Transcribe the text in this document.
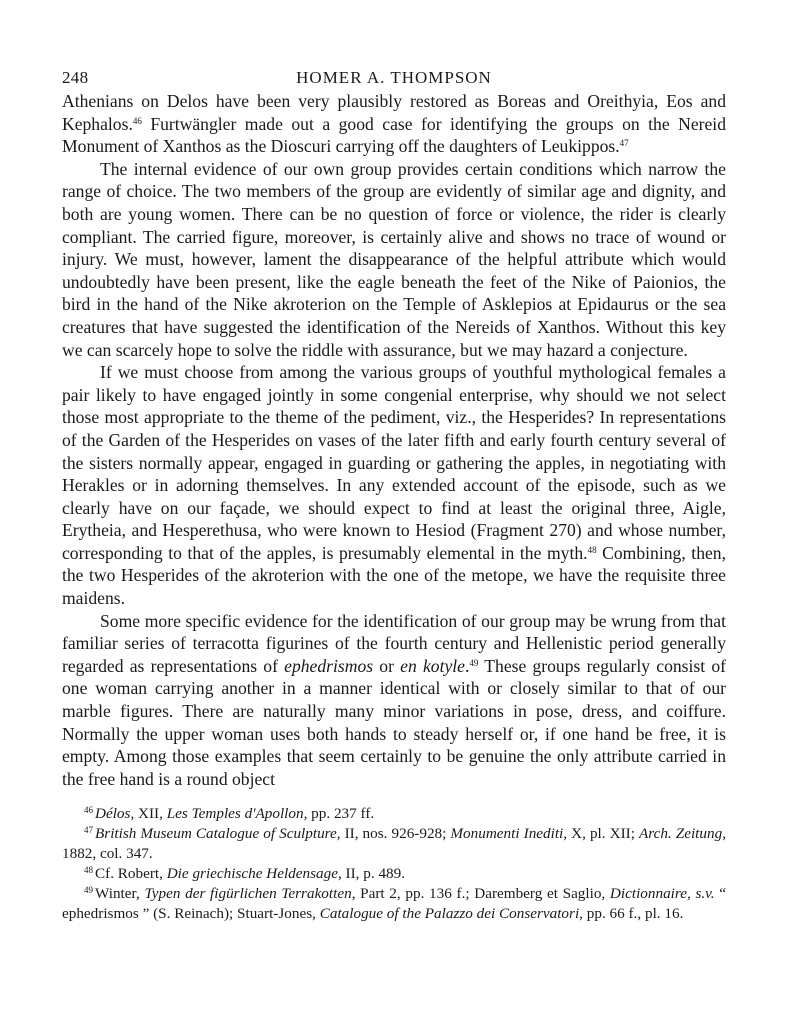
248	HOMER A. THOMPSON

Athenians on Delos have been very plausibly restored as Boreas and Oreithyia, Eos and Kephalos.$^{46}$ Furtwängler made out a good case for identifying the groups on the Nereid Monument of Xanthos as the Dioscuri carrying off the daughters of Leukippos.$^{47}$

The internal evidence of our own group provides certain conditions which narrow the range of choice. The two members of the group are evidently of similar age and dignity, and both are young women. There can be no question of force or violence, the rider is clearly compliant. The carried figure, moreover, is certainly alive and shows no trace of wound or injury. We must, however, lament the disappearance of the helpful attribute which would undoubtedly have been present, like the eagle beneath the feet of the Nike of Paionios, the bird in the hand of the Nike akroterion on the Temple of Asklepios at Epidaurus or the sea creatures that have suggested the identification of the Nereids of Xanthos. Without this key we can scarcely hope to solve the riddle with assurance, but we may hazard a conjecture.

If we must choose from among the various groups of youthful mythological females a pair likely to have engaged jointly in some congenial enterprise, why should we not select those most appropriate to the theme of the pediment, viz., the Hesperides? In representations of the Garden of the Hesperides on vases of the later fifth and early fourth century several of the sisters normally appear, engaged in guarding or gathering the apples, in negotiating with Herakles or in adorning themselves. In any extended account of the episode, such as we clearly have on our façade, we should expect to find at least the original three, Aigle, Erytheia, and Hesperethusa, who were known to Hesiod (Fragment 270) and whose number, corresponding to that of the apples, is presumably elemental in the myth.$^{48}$ Combining, then, the two Hesperides of the akroterion with the one of the metope, we have the requisite three maidens.

Some more specific evidence for the identification of our group may be wrung from that familiar series of terracotta figurines of the fourth century and Hellenistic period generally regarded as representations of ephedrismos or en kotyle.$^{49}$ These groups regularly consist of one woman carrying another in a manner identical with or closely similar to that of our marble figures. There are naturally many minor variations in pose, dress, and coiffure. Normally the upper woman uses both hands to steady herself or, if one hand be free, it is empty. Among those examples that seem certainly to be genuine the only attribute carried in the free hand is a round object

$^{46}$ Délos, XII, Les Temples d'Apollon, pp. 237 ff.

$^{47}$ British Museum Catalogue of Sculpture, II, nos. 926-928; Monumenti Inediti, X, pl. XII; Arch. Zeitung, 1882, col. 347.

$^{48}$ Cf. Robert, Die griechische Heldensage, II, p. 489.

$^{49}$ Winter, Typen der figürlichen Terrakotten, Part 2, pp. 136 f.; Daremberg et Saglio, Dictionnaire, s.v. “ ephedrismos ” (S. Reinach); Stuart-Jones, Catalogue of the Palazzo dei Conservatori, pp. 66 f., pl. 16.
